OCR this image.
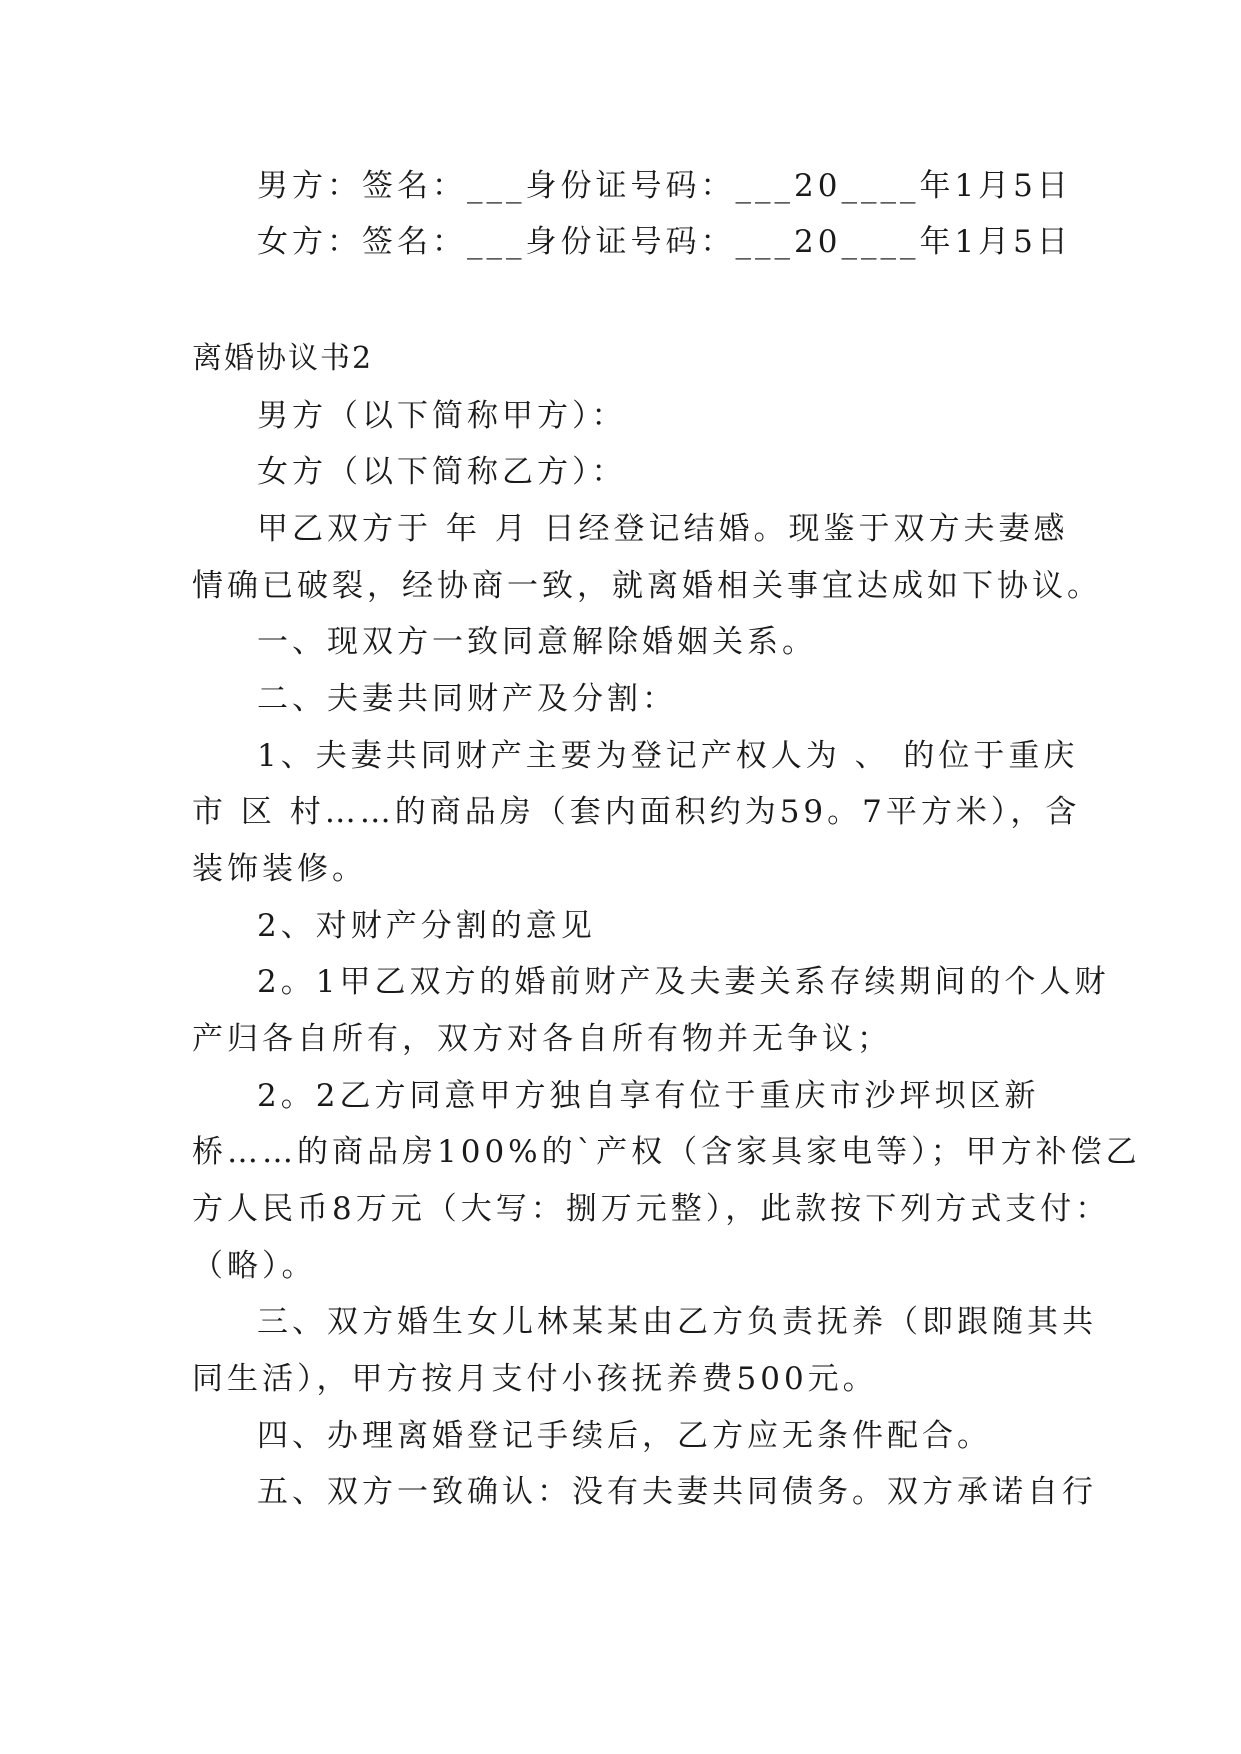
男方：签名：___身份证号码：___20____年1月5日
女方：签名：___身份证号码：___20____年1月5日
离婚协议书2
男方（以下简称甲方）：
女方（以下简称乙方）：
甲乙双方于 年 月 日经登记结婚。现鉴于双方夫妻感
情确已破裂，经协商一致，就离婚相关事宜达成如下协议。
一、现双方一致同意解除婚姻关系。
二、夫妻共同财产及分割：
1、夫妻共同财产主要为登记产权人为 、 的位于重庆
市 区 村……的商品房（套内面积约为59。7平方米），含
装饰装修。
2、对财产分割的意见
2。1甲乙双方的婚前财产及夫妻关系存续期间的个人财
产归各自所有，双方对各自所有物并无争议；
2。2乙方同意甲方独自享有位于重庆市沙坪坝区新
桥……的商品房100%的`产权（含家具家电等）；甲方补偿乙
方人民币8万元（大写：捌万元整），此款按下列方式支付：
（略）。
三、双方婚生女儿林某某由乙方负责抚养（即跟随其共
同生活），甲方按月支付小孩抚养费500元。
四、办理离婚登记手续后，乙方应无条件配合。
五、双方一致确认：没有夫妻共同债务。双方承诺自行
